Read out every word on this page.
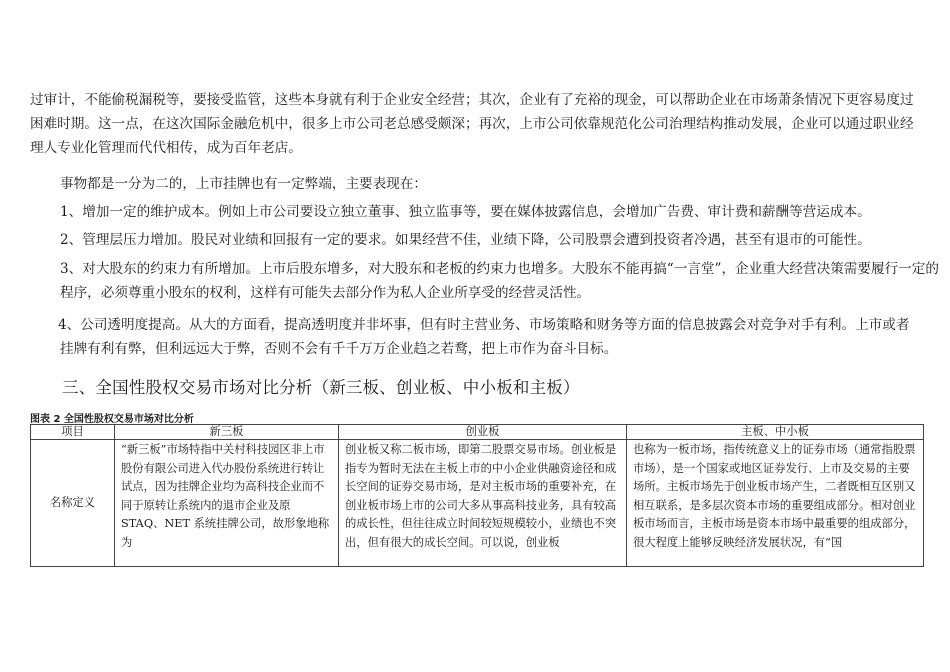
过审计，不能偷税漏税等，要接受监管，这些本身就有利于企业安全经营；其次，企业有了充裕的现金，可以帮助企业在市场萧条情况下更容易度过困难时期。这一点，在这次国际金融危机中，很多上市公司老总感受颇深；再次，上市公司依靠规范化公司治理结构推动发展，企业可以通过职业经理人专业化管理而代代相传，成为百年老店。

事物都是一分为二的，上市挂牌也有一定弊端，主要表现在：

1、增加一定的维护成本。例如上市公司要设立独立董事、独立监事等，要在媒体披露信息，会增加广告费、审计费和薪酬等营运成本。

2、管理层压力增加。股民对业绩和回报有一定的要求。如果经营不佳，业绩下降，公司股票会遭到投资者冷遇，甚至有退市的可能性。

3、对大股东的约束力有所增加。上市后股东增多，对大股东和老板的约束力也增多。大股东不能再搞“一言堂”，企业重大经营决策需要履行一定的程序，必须尊重小股东的权利，这样有可能失去部分作为私人企业所享受的经营灵活性。

4、公司透明度提高。从大的方面看，提高透明度并非坏事，但有时主营业务、市场策略和财务等方面的信息披露会对竞争对手有利。上市或者挂牌有利有弊，但利远远大于弊，否则不会有千千万万企业趋之若鹜，把上市作为奋斗目标。

三、全国性股权交易市场对比分析（新三板、创业板、中小板和主板）

图表 2 全国性股权交易市场对比分析

项目	新三板	创业板	主板、中小板
名称定义	“新三板”市场特指中关村科技园区非上市股份有限公司进入代办股份系统进行转让试点，因为挂牌企业均为高科技企业而不同于原转让系统内的退市企业及原 STAQ、NET 系统挂牌公司，故形象地称为	创业板又称二板市场，即第二股票交易市场。创业板是指专为暂时无法在主板上市的中小企业供融资途径和成长空间的证券交易市场，是对主板市场的重要补充，在创业板市场上市的公司大多从事高科技业务，具有较高的成长性，但往往成立时间较短规模较小，业绩也不突出，但有很大的成长空间。可以说，创业板	也称为一板市场，指传统意义上的证券市场（通常指股票市场），是一个国家或地区证券发行、上市及交易的主要场所。主板市场先于创业板市场产生，二者既相互区别又相互联系，是多层次资本市场的重要组成部分。相对创业板市场而言，主板市场是资本市场中最重要的组成部分，很大程度上能够反映经济发展状况，有“国
